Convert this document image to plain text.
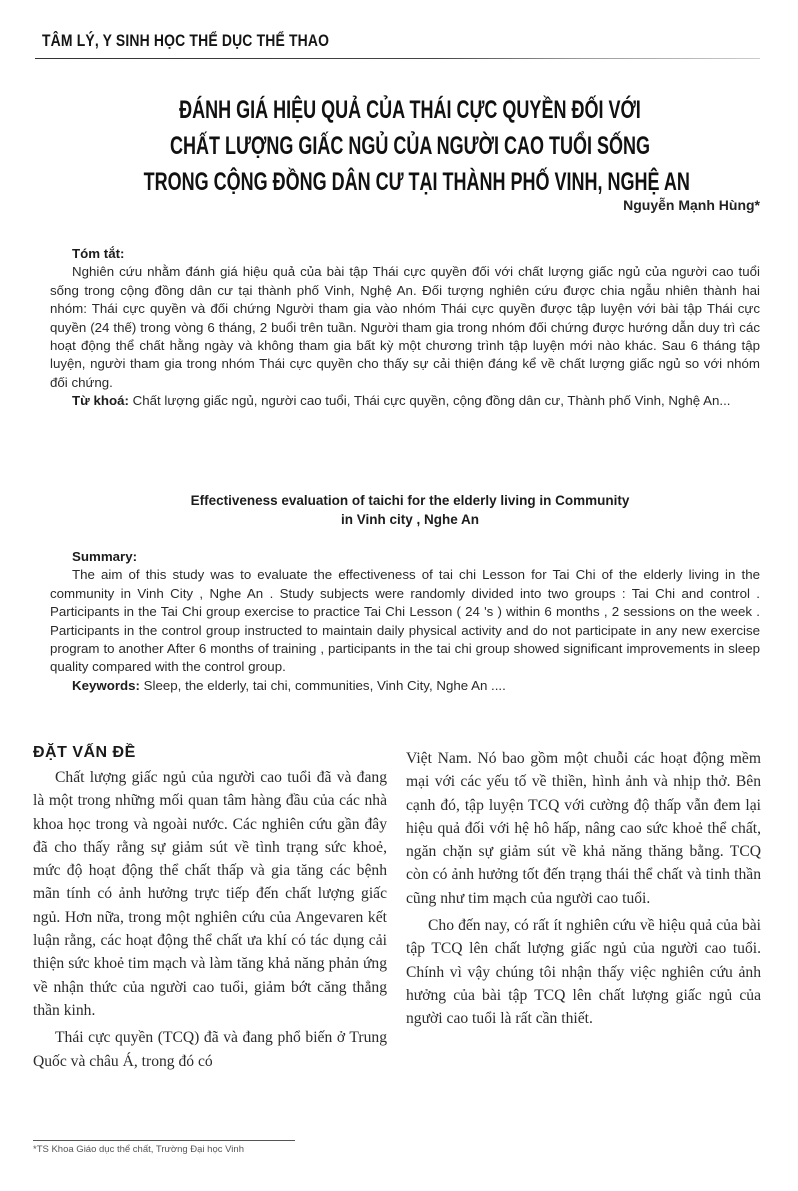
TÂM LÝ, Y SINH HỌC THỂ DỤC THỂ THAO
ĐÁNH GIÁ HIỆU QUẢ CỦA THÁI CỰC QUYỀN ĐỐI VỚI
CHẤT LƯỢNG GIẤC NGỦ CỦA NGƯỜI CAO TUỔI SỐNG
TRONG CỘNG ĐỒNG DÂN CƯ TẠI THÀNH PHỐ VINH, NGHỆ AN
Nguyễn Mạnh Hùng*
Tóm tắt:

Nghiên cứu nhằm đánh giá hiệu quả của bài tập Thái cực quyền đối với chất lượng giấc ngủ của người cao tuổi sống trong cộng đồng dân cư tại thành phố Vinh, Nghệ An. Đối tượng nghiên cứu được chia ngẫu nhiên thành hai nhóm: Thái cực quyền và đối chứng Người tham gia vào nhóm Thái cực quyền được tập luyện với bài tập Thái cực quyền (24 thế) trong vòng 6 tháng, 2 buổi trên tuần. Người tham gia trong nhóm đối chứng được hướng dẫn duy trì các hoạt động thể chất hằng ngày và không tham gia bất kỳ một chương trình tập luyện mới nào khác. Sau 6 tháng tập luyện, người tham gia trong nhóm Thái cực quyền cho thấy sự cải thiện đáng kể về chất lượng giấc ngủ so với nhóm đối chứng.

Từ khoá: Chất lượng giấc ngủ, người cao tuổi, Thái cực quyền, cộng đồng dân cư, Thành phố Vinh, Nghệ An...

Effectiveness evaluation of taichi for the elderly living in Community
in Vinh city , Nghe An
Summary:

The aim of this study was to evaluate the effectiveness of tai chi Lesson for Tai Chi of the elderly living in the community in Vinh City , Nghe An . Study subjects were randomly divided into two groups : Tai Chi and control . Participants in the Tai Chi group exercise to practice Tai Chi Lesson ( 24 's ) within 6 months , 2 sessions on the week . Participants in the control group instructed to maintain daily physical activity and do not participate in any new exercise program to another After 6 months of training , participants in the tai chi group showed significant improvements in sleep quality compared with the control group.

Keywords: Sleep, the elderly, tai chi, communities, Vinh City, Nghe An ....

ĐẶT VẤN ĐỀ

Chất lượng giấc ngủ của người cao tuổi đã và đang là một trong những mối quan tâm hàng đầu của các nhà khoa học trong và ngoài nước. Các nghiên cứu gần đây đã cho thấy rằng sự giảm sút về tình trạng sức khoẻ, mức độ hoạt động thể chất thấp và gia tăng các bệnh mãn tính có ảnh hưởng trực tiếp đến chất lượng giấc ngủ. Hơn nữa, trong một nghiên cứu của Angevaren kết luận rằng, các hoạt động thể chất ưa khí có tác dụng cải thiện sức khoẻ tim mạch và làm tăng khả năng phản ứng về nhận thức của người cao tuổi, giảm bớt căng thẳng thần kinh.

Thái cực quyền (TCQ) đã và đang phổ biến ở Trung Quốc và châu Á, trong đó có

Việt Nam. Nó bao gồm một chuỗi các hoạt động mềm mại với các yếu tố về thiền, hình ảnh và nhịp thở. Bên cạnh đó, tập luyện TCQ với cường độ thấp vẫn đem lại hiệu quả đối với hệ hô hấp, nâng cao sức khoẻ thể chất, ngăn chặn sự giảm sút về khả năng thăng bằng. TCQ còn có ảnh hưởng tốt đến trạng thái thể chất và tinh thần cũng như tim mạch của người cao tuổi.

Cho đến nay, có rất ít nghiên cứu về hiệu quả của bài tập TCQ lên chất lượng giấc ngủ của người cao tuổi. Chính vì vậy chúng tôi nhận thấy việc nghiên cứu ảnh hưởng của bài tập TCQ lên chất lượng giấc ngủ của người cao tuổi là rất cần thiết.

*TS Khoa Giáo dục thể chất, Trường Đại học Vinh
